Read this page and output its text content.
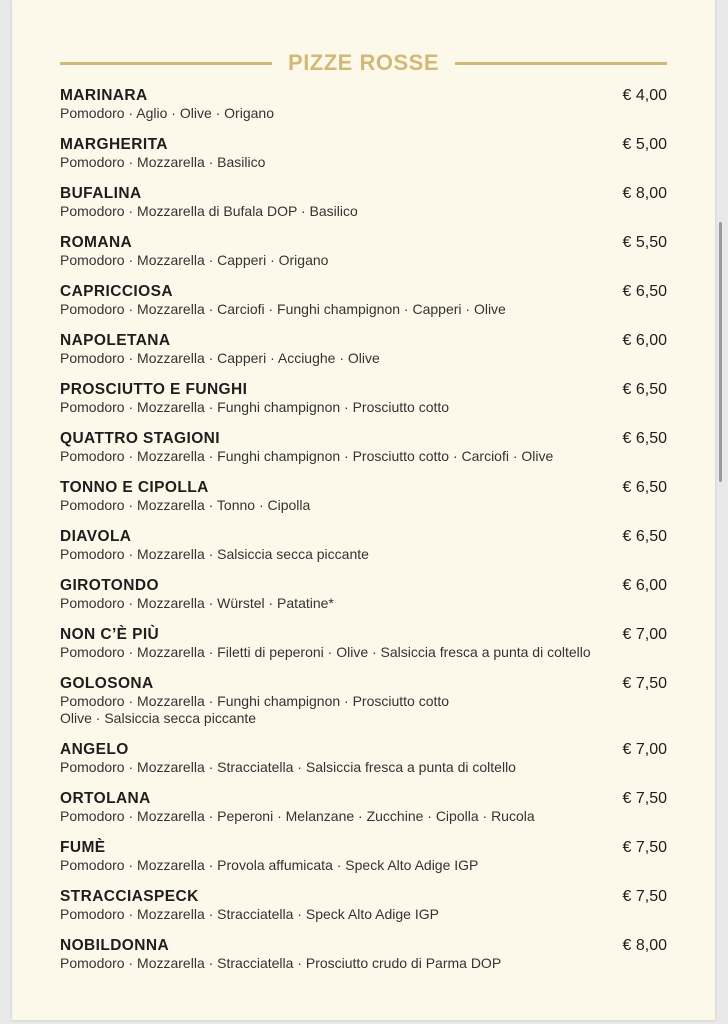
PIZZE ROSSE
MARINARA	€ 4,00
Pomodoro · Aglio · Olive · Origano
MARGHERITA	€ 5,00
Pomodoro · Mozzarella · Basilico
BUFALINA	€ 8,00
Pomodoro · Mozzarella di Bufala DOP · Basilico
ROMANA	€ 5,50
Pomodoro · Mozzarella · Capperi · Origano
CAPRICCIOSA	€ 6,50
Pomodoro · Mozzarella · Carciofi · Funghi champignon · Capperi · Olive
NAPOLETANA	€ 6,00
Pomodoro · Mozzarella · Capperi · Acciughe · Olive
PROSCIUTTO E FUNGHI	€ 6,50
Pomodoro · Mozzarella · Funghi champignon · Prosciutto cotto
QUATTRO STAGIONI	€ 6,50
Pomodoro · Mozzarella · Funghi champignon · Prosciutto cotto · Carciofi · Olive
TONNO E CIPOLLA	€ 6,50
Pomodoro · Mozzarella · Tonno · Cipolla
DIAVOLA	€ 6,50
Pomodoro · Mozzarella · Salsiccia secca piccante
GIROTONDO	€ 6,00
Pomodoro · Mozzarella · Würstel · Patatine*
NON C’È PIÙ	€ 7,00
Pomodoro · Mozzarella · Filetti di peperoni · Olive · Salsiccia fresca a punta di coltello
GOLOSONA	€ 7,50
Pomodoro · Mozzarella · Funghi champignon · Prosciutto cotto
Olive · Salsiccia secca piccante
ANGELO	€ 7,00
Pomodoro · Mozzarella · Stracciatella · Salsiccia fresca a punta di coltello
ORTOLANA	€ 7,50
Pomodoro · Mozzarella · Peperoni · Melanzane · Zucchine · Cipolla · Rucola
FUMÈ	€ 7,50
Pomodoro · Mozzarella · Provola affumicata · Speck Alto Adige IGP
STRACCIASPECK	€ 7,50
Pomodoro · Mozzarella · Stracciatella · Speck Alto Adige IGP
NOBILDONNA	€ 8,00
Pomodoro · Mozzarella · Stracciatella · Prosciutto crudo di Parma DOP
